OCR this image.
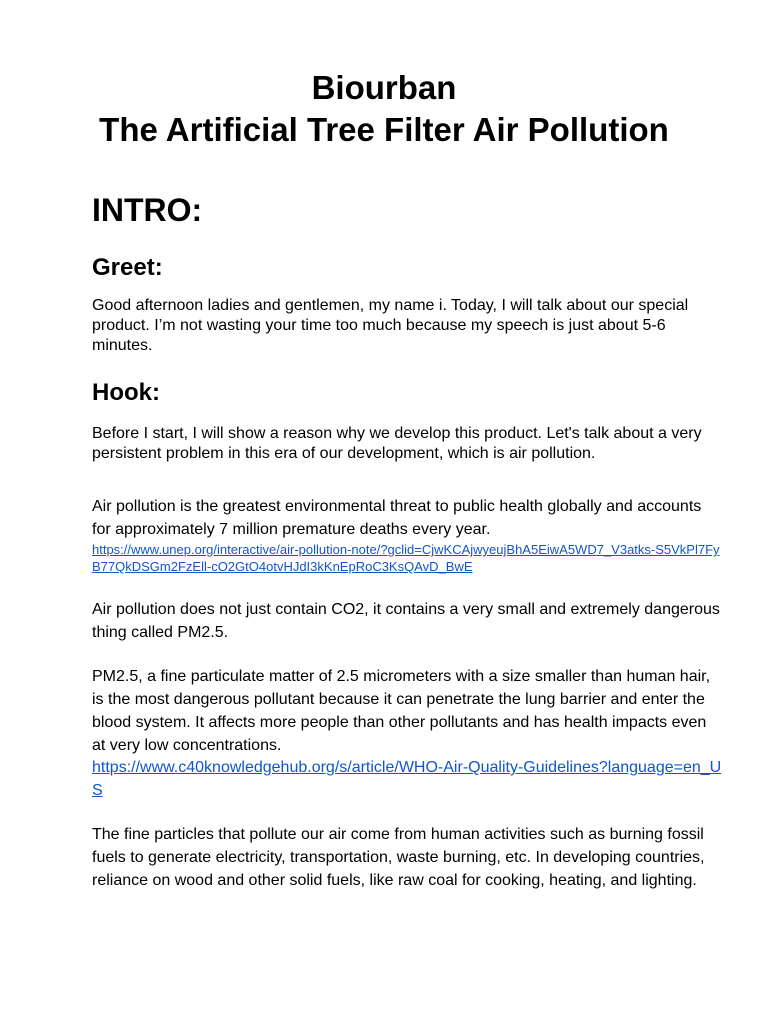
Biourban
The Artificial Tree Filter Air Pollution
INTRO:
Greet:

Good afternoon ladies and gentlemen, my name i. Today, I will talk about our special product. I’m not wasting your time too much because my speech is just about 5-6 minutes.

Hook:

Before I start, I will show a reason why we develop this product. Let's talk about a very persistent problem in this era of our development, which is air pollution.

Air pollution is the greatest environmental threat to public health globally and accounts for approximately 7 million premature deaths every year.

https://www.unep.org/interactive/air-pollution-note/?gclid=CjwKCAjwyeujBhA5EiwA5WD7_V3atks-S5VkPl7FyB77QkDSGm2FzEll-cO2GtO4otvHJdI3kKnEpRoC3KsQAvD_BwE

Air pollution does not just contain CO2, it contains a very small and extremely dangerous thing called PM2.5.

PM2.5, a fine particulate matter of 2.5 micrometers with a size smaller than human hair, is the most dangerous pollutant because it can penetrate the lung barrier and enter the blood system. It affects more people than other pollutants and has health impacts even at very low concentrations.

https://www.c40knowledgehub.org/s/article/WHO-Air-Quality-Guidelines?language=en_US

The fine particles that pollute our air come from human activities such as burning fossil fuels to generate electricity, transportation, waste burning, etc. In developing countries, reliance on wood and other solid fuels, like raw coal for cooking, heating, and lighting.
